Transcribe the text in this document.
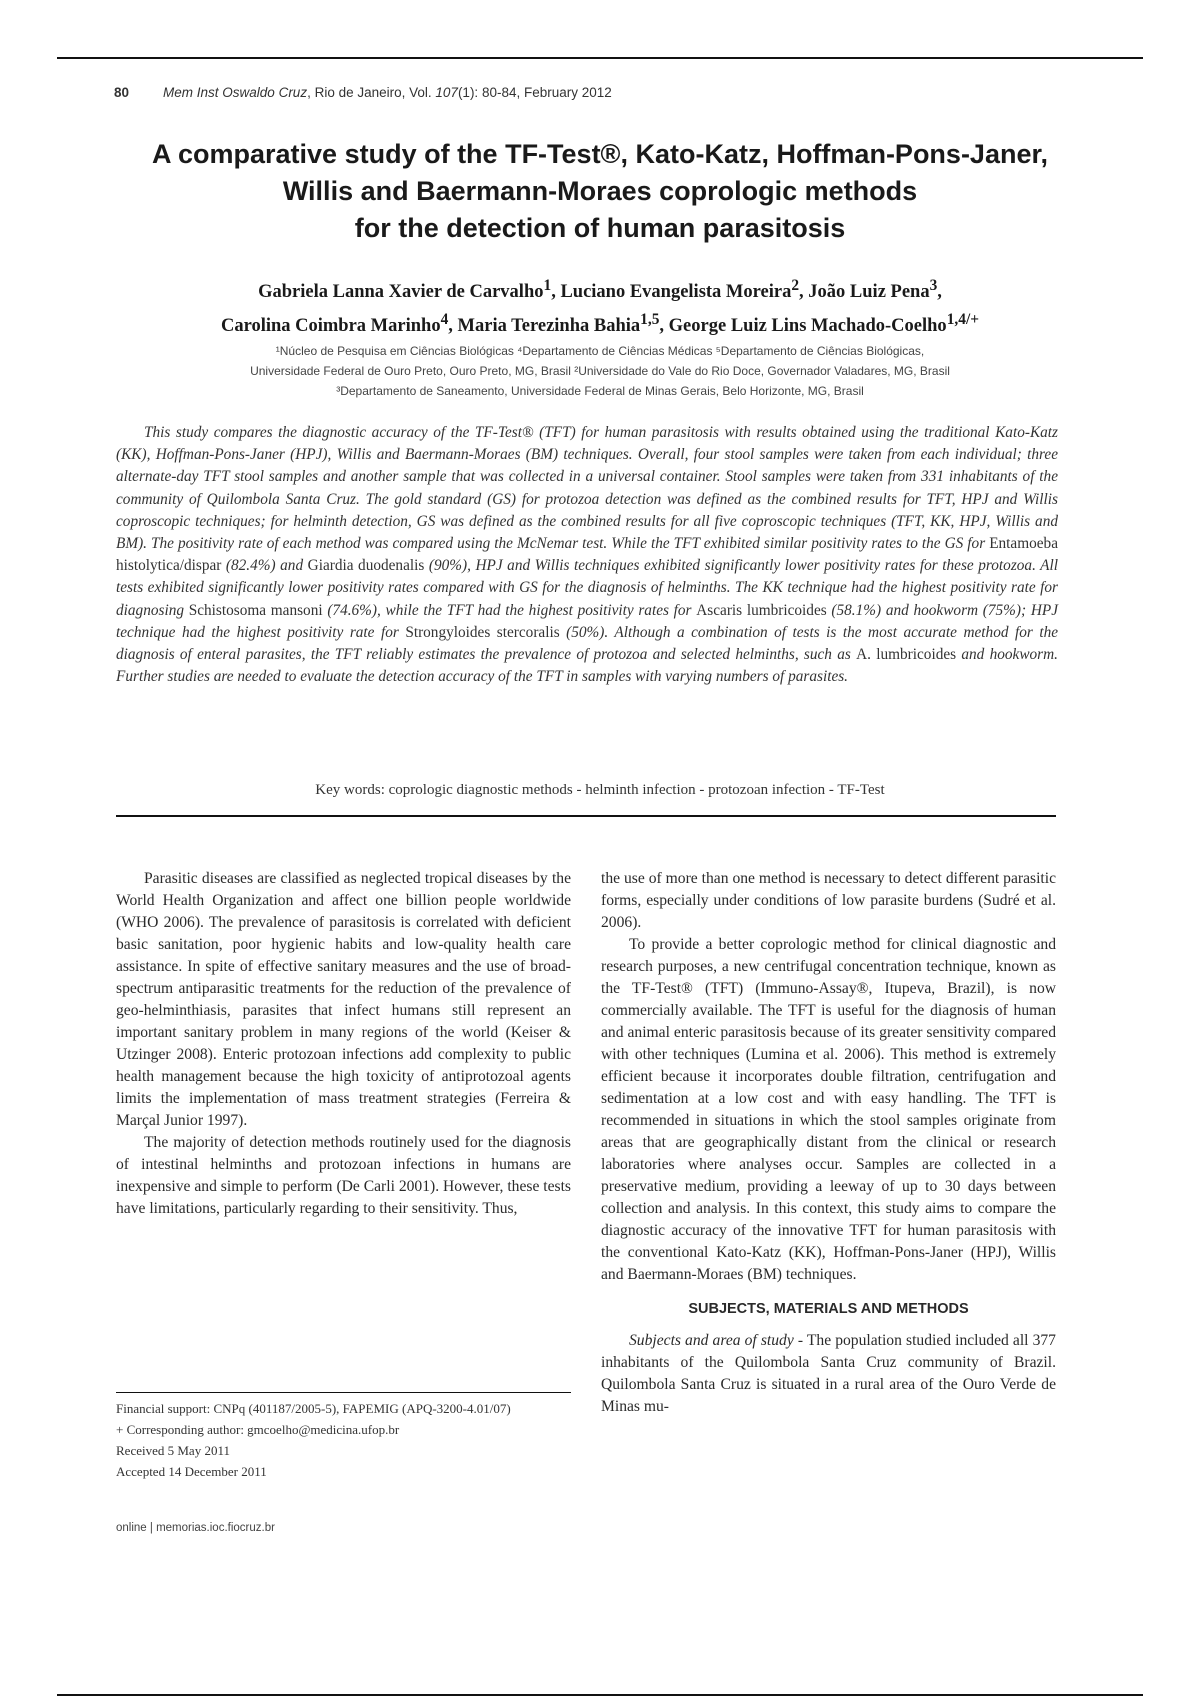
80	Mem Inst Oswaldo Cruz, Rio de Janeiro, Vol. 107(1): 80-84, February 2012
A comparative study of the TF-Test®, Kato-Katz, Hoffman-Pons-Janer,
Willis and Baermann-Moraes coprologic methods
for the detection of human parasitosis
Gabriela Lanna Xavier de Carvalho$^1$, Luciano Evangelista Moreira$^2$, João Luiz Pena$^3$,
Carolina Coimbra Marinho$^4$, Maria Terezinha Bahia$^{1,5}$, George Luiz Lins Machado-Coelho$^{1,4/+}$
¹Núcleo de Pesquisa em Ciências Biológicas ⁴Departamento de Ciências Médicas ⁵Departamento de Ciências Biológicas,
Universidade Federal de Ouro Preto, Ouro Preto, MG, Brasil ²Universidade do Vale do Rio Doce, Governador Valadares, MG, Brasil
³Departamento de Saneamento, Universidade Federal de Minas Gerais, Belo Horizonte, MG, Brasil

This study compares the diagnostic accuracy of the TF-Test® (TFT) for human parasitosis with results obtained using the traditional Kato-Katz (KK), Hoffman-Pons-Janer (HPJ), Willis and Baermann-Moraes (BM) techniques. Overall, four stool samples were taken from each individual; three alternate-day TFT stool samples and another sample that was collected in a universal container. Stool samples were taken from 331 inhabitants of the community of Quilombola Santa Cruz. The gold standard (GS) for protozoa detection was defined as the combined results for TFT, HPJ and Willis coproscopic techniques; for helminth detection, GS was defined as the combined results for all five coproscopic techniques (TFT, KK, HPJ, Willis and BM). The positivity rate of each method was compared using the McNemar test. While the TFT exhibited similar positivity rates to the GS for Entamoeba histolytica/dispar (82.4%) and Giardia duodenalis (90%), HPJ and Willis techniques exhibited significantly lower positivity rates for these protozoa. All tests exhibited significantly lower positivity rates compared with GS for the diagnosis of helminths. The KK technique had the highest positivity rate for diagnosing Schistosoma mansoni (74.6%), while the TFT had the highest positivity rates for Ascaris lumbricoides (58.1%) and hookworm (75%); HPJ technique had the highest positivity rate for Strongyloides stercoralis (50%). Although a combination of tests is the most accurate method for the diagnosis of enteral parasites, the TFT reliably estimates the prevalence of protozoa and selected helminths, such as A. lumbricoides and hookworm. Further studies are needed to evaluate the detection accuracy of the TFT in samples with varying numbers of parasites.

Key words: coprologic diagnostic methods - helminth infection - protozoan infection - TF-Test

Parasitic diseases are classified as neglected tropical diseases by the World Health Organization and affect one billion people worldwide (WHO 2006). The prevalence of parasitosis is correlated with deficient basic sanitation, poor hygienic habits and low-quality health care assistance. In spite of effective sanitary measures and the use of broad-spectrum antiparasitic treatments for the reduction of the prevalence of geo-helminthiasis, parasites that infect humans still represent an important sanitary problem in many regions of the world (Keiser & Utzinger 2008). Enteric protozoan infections add complexity to public health management because the high toxicity of antiprotozoal agents limits the implementation of mass treatment strategies (Ferreira & Marçal Junior 1997).

The majority of detection methods routinely used for the diagnosis of intestinal helminths and protozoan infections in humans are inexpensive and simple to perform (De Carli 2001). However, these tests have limitations, particularly regarding to their sensitivity. Thus,

the use of more than one method is necessary to detect different parasitic forms, especially under conditions of low parasite burdens (Sudré et al. 2006).

To provide a better coprologic method for clinical diagnostic and research purposes, a new centrifugal concentration technique, known as the TF-Test® (TFT) (Immuno-Assay®, Itupeva, Brazil), is now commercially available. The TFT is useful for the diagnosis of human and animal enteric parasitosis because of its greater sensitivity compared with other techniques (Lumina et al. 2006). This method is extremely efficient because it incorporates double filtration, centrifugation and sedimentation at a low cost and with easy handling. The TFT is recommended in situations in which the stool samples originate from areas that are geographically distant from the clinical or research laboratories where analyses occur. Samples are collected in a preservative medium, providing a leeway of up to 30 days between collection and analysis. In this context, this study aims to compare the diagnostic accuracy of the innovative TFT for human parasitosis with the conventional Kato-Katz (KK), Hoffman-Pons-Janer (HPJ), Willis and Baermann-Moraes (BM) techniques.

SUBJECTS, MATERIALS AND METHODS

Subjects and area of study - The population studied included all 377 inhabitants of the Quilombola Santa Cruz community of Brazil. Quilombola Santa Cruz is situated in a rural area of the Ouro Verde de Minas mu-

Financial support: CNPq (401187/2005-5), FAPEMIG (APQ-3200-4.01/07)
+ Corresponding author: gmcoelho@medicina.ufop.br
Received 5 May 2011
Accepted 14 December 2011
online | memorias.ioc.fiocruz.br
